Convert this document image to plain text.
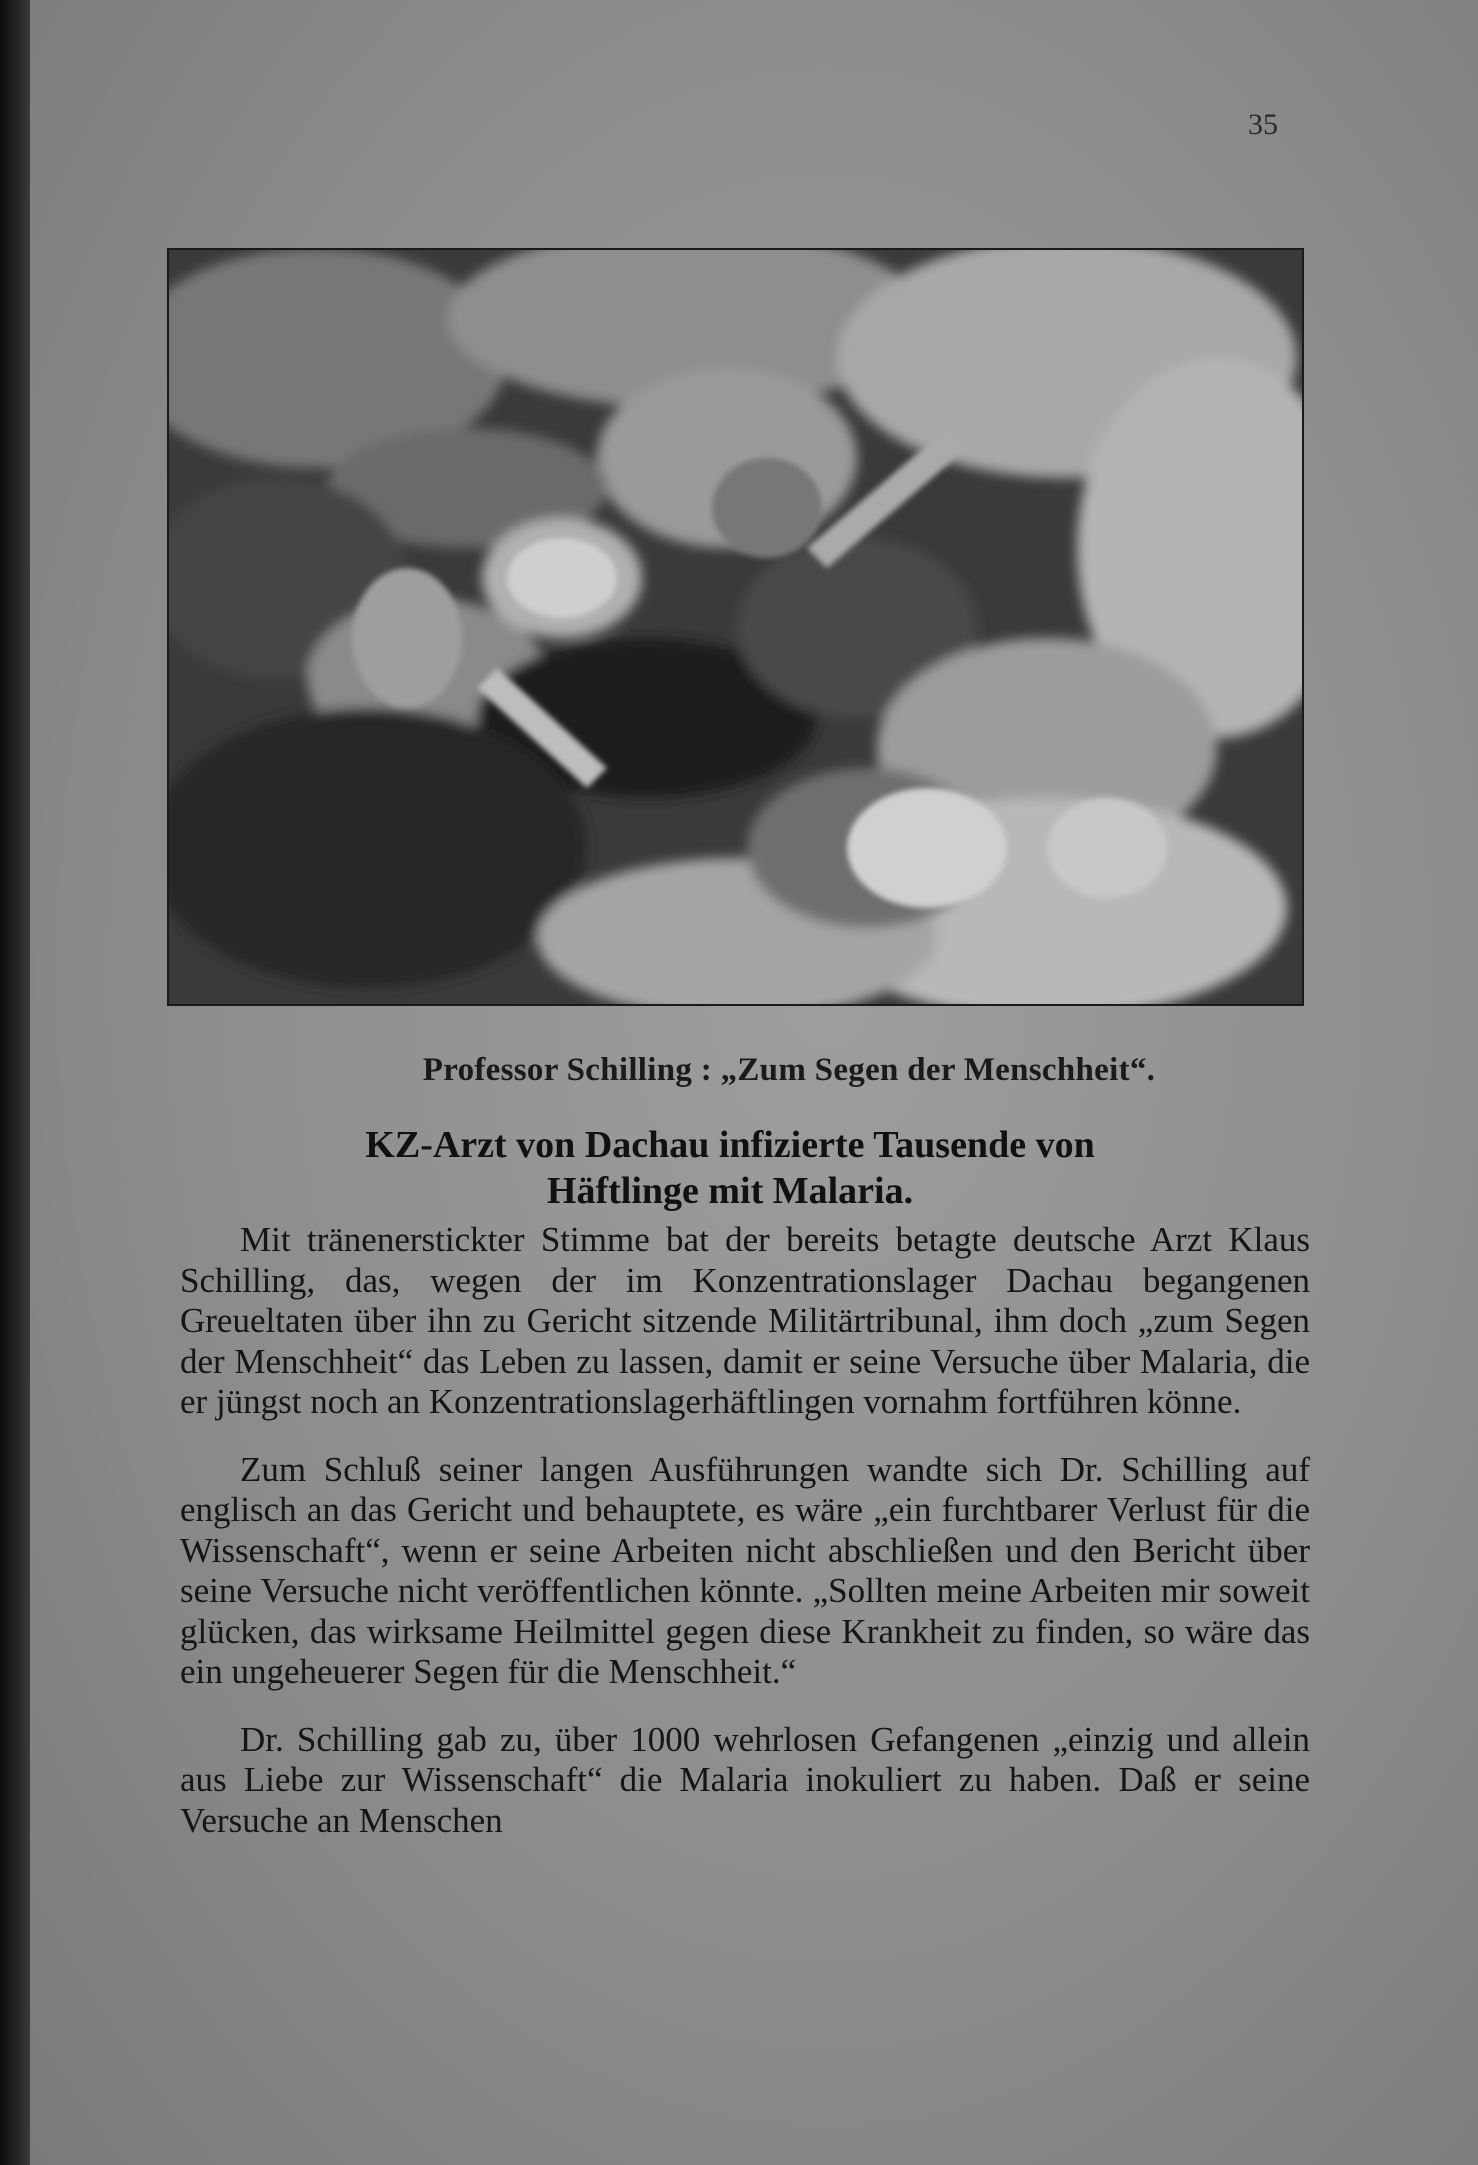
35
Professor Schilling : „Zum Segen der Menschheit“.
KZ-Arzt von Dachau infizierte Tausende von
Häftlinge mit Malaria.

Mit tränenerstickter Stimme bat der bereits betagte deutsche Arzt Klaus Schilling, das, wegen der im Konzentrationslager Dachau begangenen Greueltaten über ihn zu Gericht sitzende Militärtribunal, ihm doch „zum Segen der Menschheit“ das Leben zu lassen, damit er seine Versuche über Malaria, die er jüngst noch an Konzentrationslagerhäftlingen vornahm fortführen könne.

Zum Schluß seiner langen Ausführungen wandte sich Dr. Schilling auf englisch an das Gericht und behauptete, es wäre „ein furchtbarer Verlust für die Wissenschaft“, wenn er seine Arbeiten nicht abschließen und den Bericht über seine Versuche nicht veröffentlichen könnte. „Sollten meine Arbeiten mir soweit glücken, das wirksame Heilmittel gegen diese Krankheit zu finden, so wäre das ein ungeheuerer Segen für die Menschheit.“

Dr. Schilling gab zu, über 1000 wehrlosen Gefangenen „einzig und allein aus Liebe zur Wissenschaft“ die Malaria inokuliert zu haben. Daß er seine Versuche an Menschen
